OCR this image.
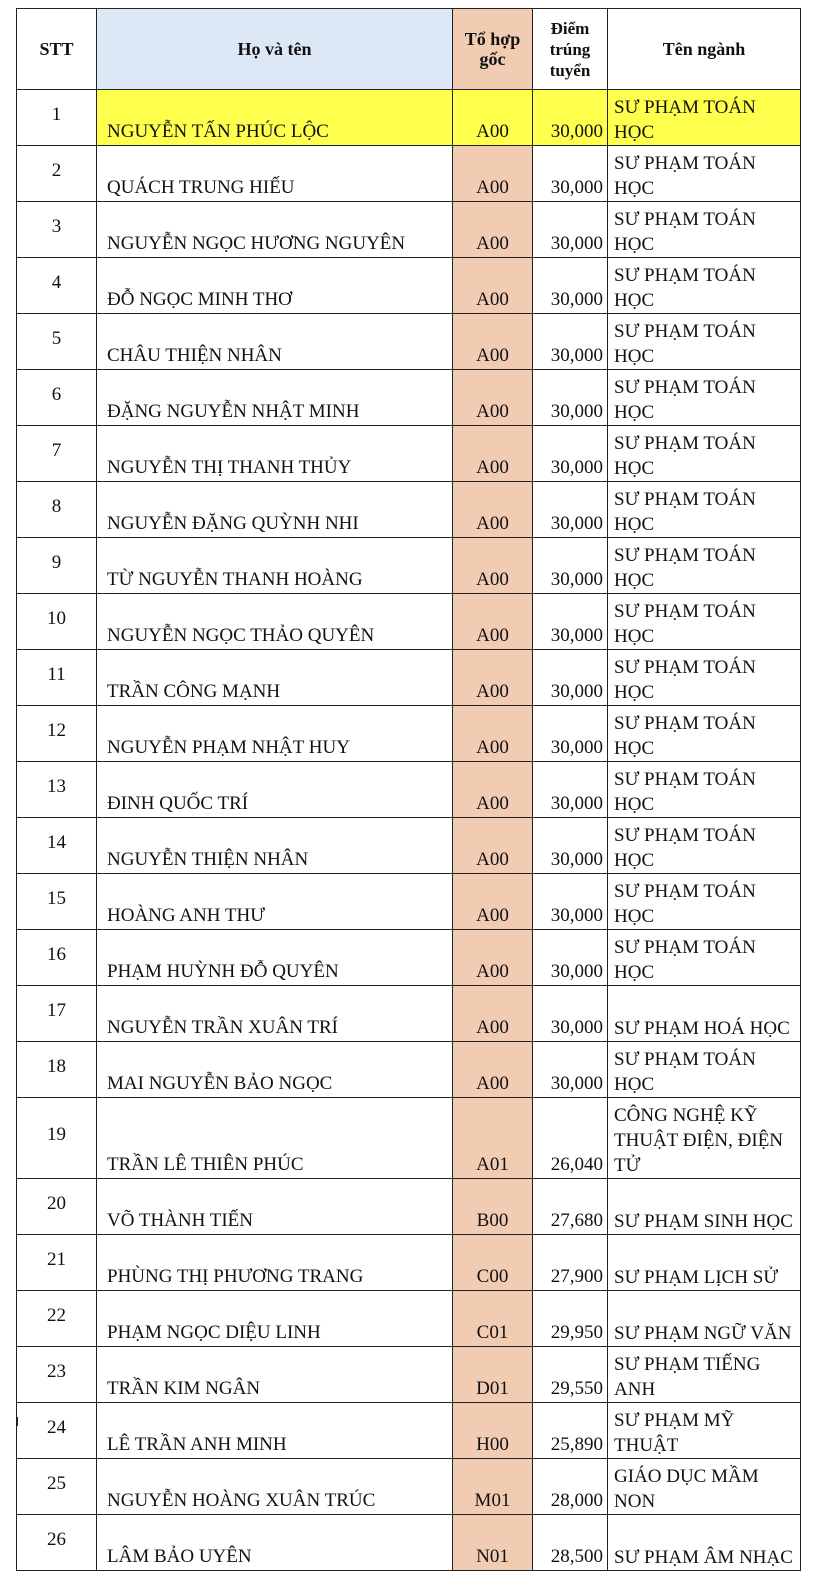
STT	Họ và tên	Tổ hợp gốc	Điểm trúng tuyển	Tên ngành
1	NGUYỄN TẤN PHÚC LỘC	A00	30,000	SƯ PHẠM TOÁN HỌC
2	QUÁCH TRUNG HIẾU	A00	30,000	SƯ PHẠM TOÁN HỌC
3	NGUYỄN NGỌC HƯƠNG NGUYÊN	A00	30,000	SƯ PHẠM TOÁN HỌC
4	ĐỖ NGỌC MINH THƠ	A00	30,000	SƯ PHẠM TOÁN HỌC
5	CHÂU THIỆN NHÂN	A00	30,000	SƯ PHẠM TOÁN HỌC
6	ĐẶNG NGUYỄN NHẬT MINH	A00	30,000	SƯ PHẠM TOÁN HỌC
7	NGUYỄN THỊ THANH THỦY	A00	30,000	SƯ PHẠM TOÁN HỌC
8	NGUYỄN ĐẶNG QUỲNH NHI	A00	30,000	SƯ PHẠM TOÁN HỌC
9	TỪ NGUYỄN THANH HOÀNG	A00	30,000	SƯ PHẠM TOÁN HỌC
10	NGUYỄN NGỌC THẢO QUYÊN	A00	30,000	SƯ PHẠM TOÁN HỌC
11	TRẦN CÔNG MẠNH	A00	30,000	SƯ PHẠM TOÁN HỌC
12	NGUYỄN PHẠM NHẬT HUY	A00	30,000	SƯ PHẠM TOÁN HỌC
13	ĐINH QUỐC TRÍ	A00	30,000	SƯ PHẠM TOÁN HỌC
14	NGUYỄN THIỆN NHÂN	A00	30,000	SƯ PHẠM TOÁN HỌC
15	HOÀNG ANH THƯ	A00	30,000	SƯ PHẠM TOÁN HỌC
16	PHẠM HUỲNH ĐỖ QUYÊN	A00	30,000	SƯ PHẠM TOÁN HỌC
17	NGUYỄN TRẦN XUÂN TRÍ	A00	30,000	SƯ PHẠM HOÁ HỌC
18	MAI NGUYỄN BẢO NGỌC	A00	30,000	SƯ PHẠM TOÁN HỌC
19	TRẦN LÊ THIÊN PHÚC	A01	26,040	CÔNG NGHỆ KỸ THUẬT ĐIỆN, ĐIỆN TỬ
20	VÕ THÀNH TIẾN	B00	27,680	SƯ PHẠM SINH HỌC
21	PHÙNG THỊ PHƯƠNG TRANG	C00	27,900	SƯ PHẠM LỊCH SỬ
22	PHẠM NGỌC DIỆU LINH	C01	29,950	SƯ PHẠM NGỮ VĂN
23	TRẦN KIM NGÂN	D01	29,550	SƯ PHẠM TIẾNG ANH
24	LÊ TRẦN ANH MINH	H00	25,890	SƯ PHẠM MỸ THUẬT
25	NGUYỄN HOÀNG XUÂN TRÚC	M01	28,000	GIÁO DỤC MẦM NON
26	LÂM BẢO UYÊN	N01	28,500	SƯ PHẠM ÂM NHẠC
